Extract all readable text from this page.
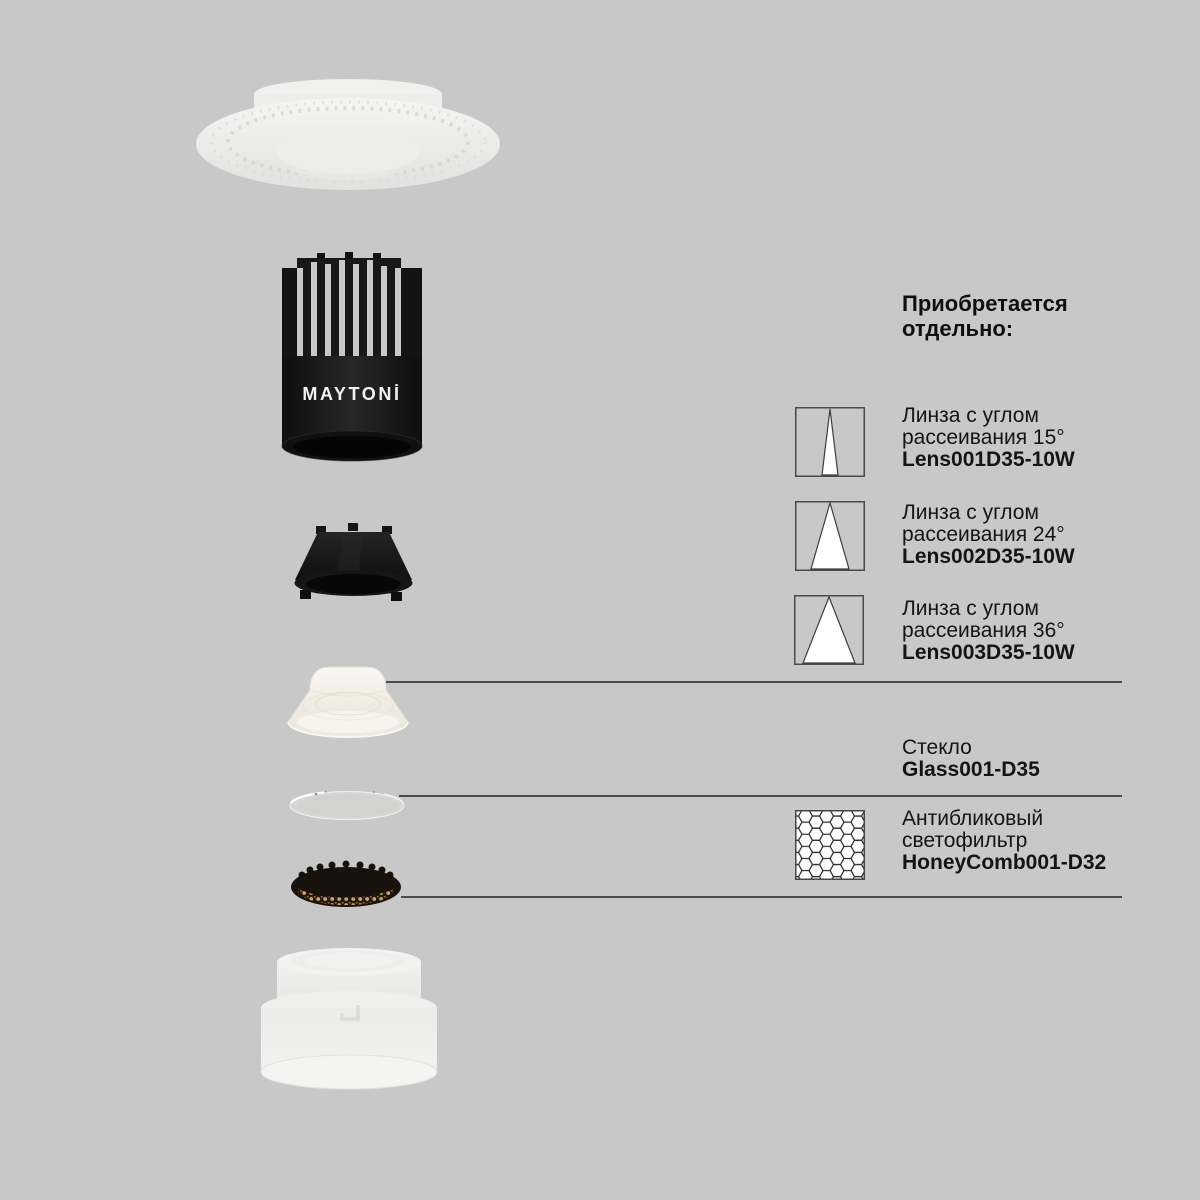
MAYTONİ
Приобретается отдельно:
Линза с углом
рассеивания 15°
Lens001D35-10W
Линза с углом
рассеивания 24°
Lens002D35-10W
Линза с углом
рассеивания 36°
Lens003D35-10W
Стекло
Glass001-D35
Антибликовый
светофильтр
HoneyComb001-D32
